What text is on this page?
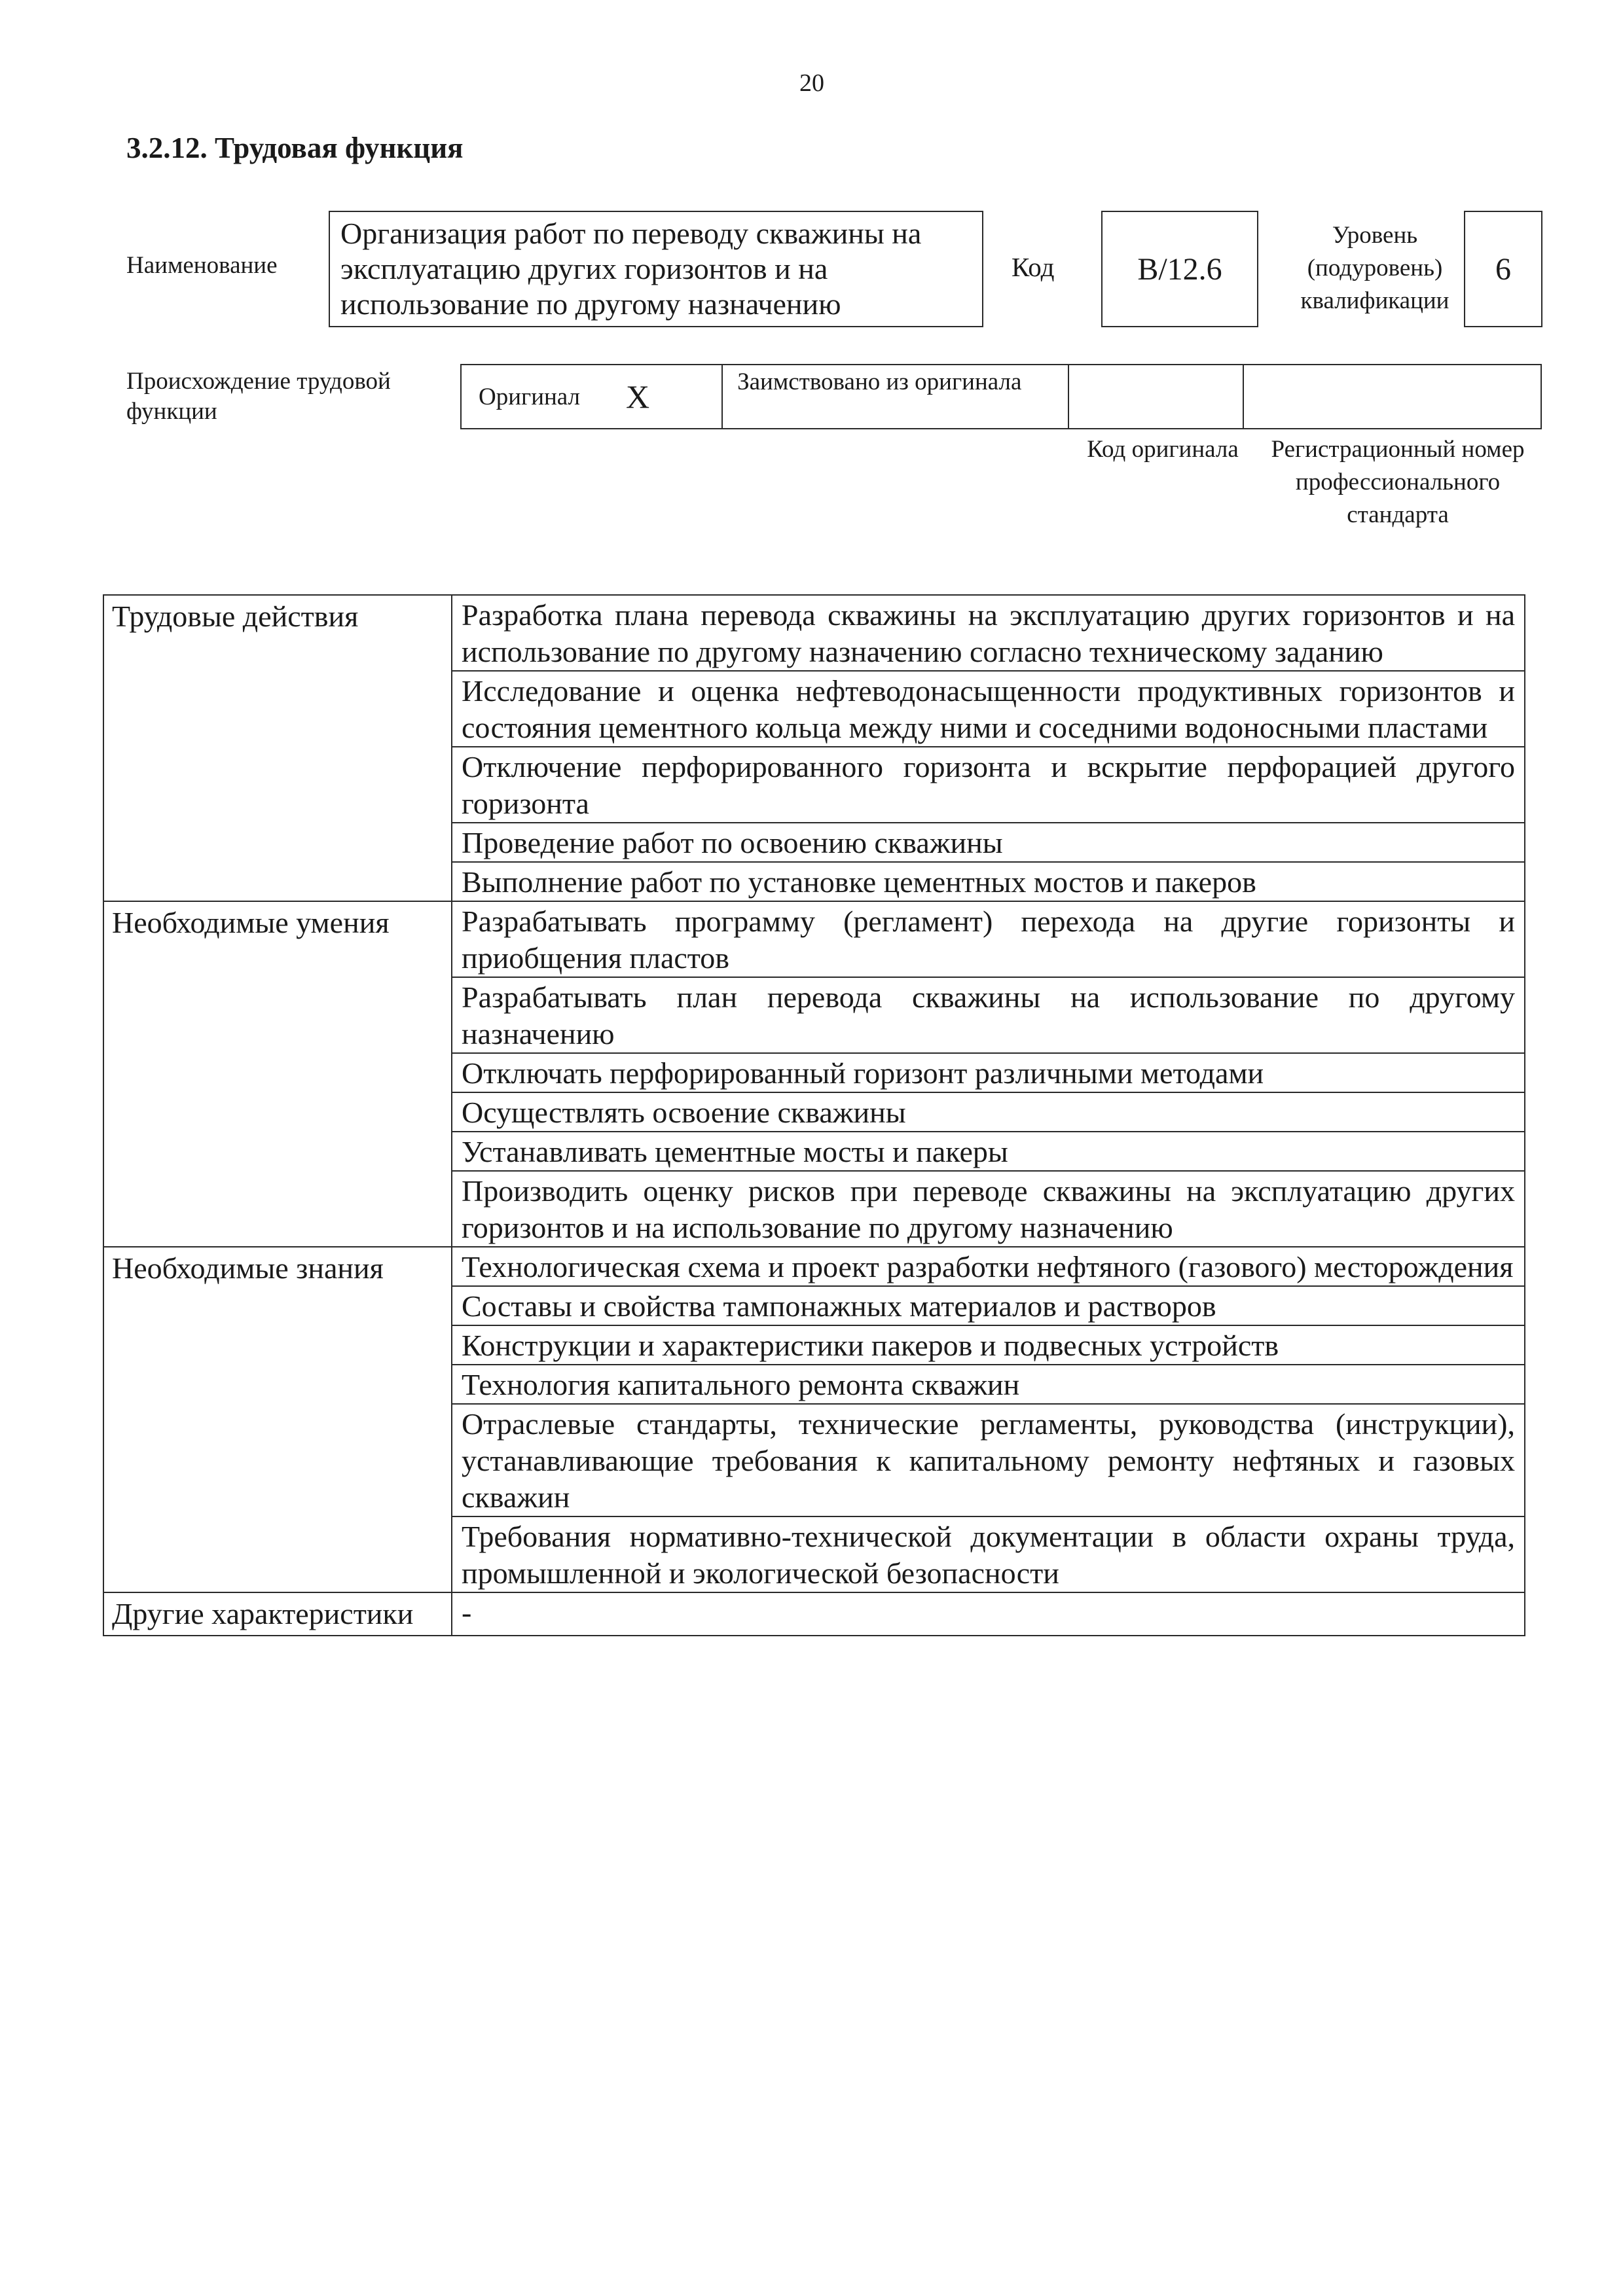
20
3.2.12. Трудовая функция
Наименование
Организация работ по переводу скважины на эксплуатацию других горизонтов и на использование по другому назначению
Код	B/12.6
Уровень (подуровень) квалификации
6
Происхождение трудовой функции
Оригинал X	Заимствовано из оригинала
Код оригинала	Регистрационный номер профессионального стандарта
Трудовые действия	Разработка плана перевода скважины на эксплуатацию других горизонтов и на использование по другому назначению согласно техническому заданию
	Исследование и оценка нефтеводонасыщенности продуктивных горизонтов и состояния цементного кольца между ними и соседними водоносными пластами
	Отключение перфорированного горизонта и вскрытие перфорацией другого горизонта
	Проведение работ по освоению скважины
	Выполнение работ по установке цементных мостов и пакеров
Необходимые умения	Разрабатывать программу (регламент) перехода на другие горизонты и приобщения пластов
	Разрабатывать план перевода скважины на использование по другому назначению
	Отключать перфорированный горизонт различными методами
	Осуществлять освоение скважины
	Устанавливать цементные мосты и пакеры
	Производить оценку рисков при переводе скважины на эксплуатацию других горизонтов и на использование по другому назначению
Необходимые знания	Технологическая схема и проект разработки нефтяного (газового) месторождения
	Составы и свойства тампонажных материалов и растворов
	Конструкции и характеристики пакеров и подвесных устройств
	Технология капитального ремонта скважин
	Отраслевые стандарты, технические регламенты, руководства (инструкции), устанавливающие требования к капитальному ремонту нефтяных и газовых скважин
	Требования нормативно-технической документации в области охраны труда, промышленной и экологической безопасности
Другие характеристики	-
